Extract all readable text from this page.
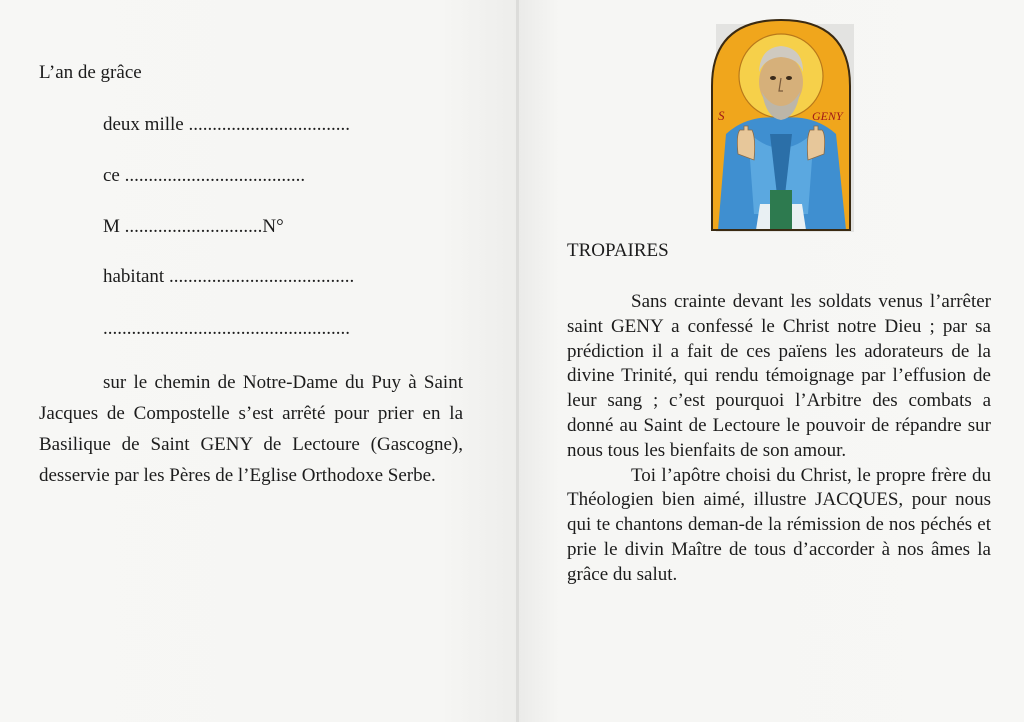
L’an de grâce
deux mille ..................................
ce ......................................
M .............................N°
habitant .......................................
....................................................

sur le chemin de Notre-Dame du Puy à Saint Jacques de Compostelle s’est arrêté pour prier en la Basilique de Saint GENY de Lectoure (Gascogne), desservie par les Pères de l’Eglise Orthodoxe Serbe.

S	GENY
TROPAIRES

Sans crainte devant les soldats venus l’arrêter saint GENY a confessé le Christ notre Dieu ; par sa prédiction il a fait de ces païens les adorateurs de la divine Trinité, qui rendu témoignage par l’effusion de leur sang ; c’est pourquoi l’Arbitre des combats a donné au Saint de Lectoure le pouvoir de répandre sur nous tous les bienfaits de son amour.

Toi l’apôtre choisi du Christ, le propre frère du Théologien bien aimé, illustre JACQUES, pour nous qui te chantons deman-de la rémission de nos péchés et prie le divin Maître de tous d’accorder à nos âmes la grâce du salut.
